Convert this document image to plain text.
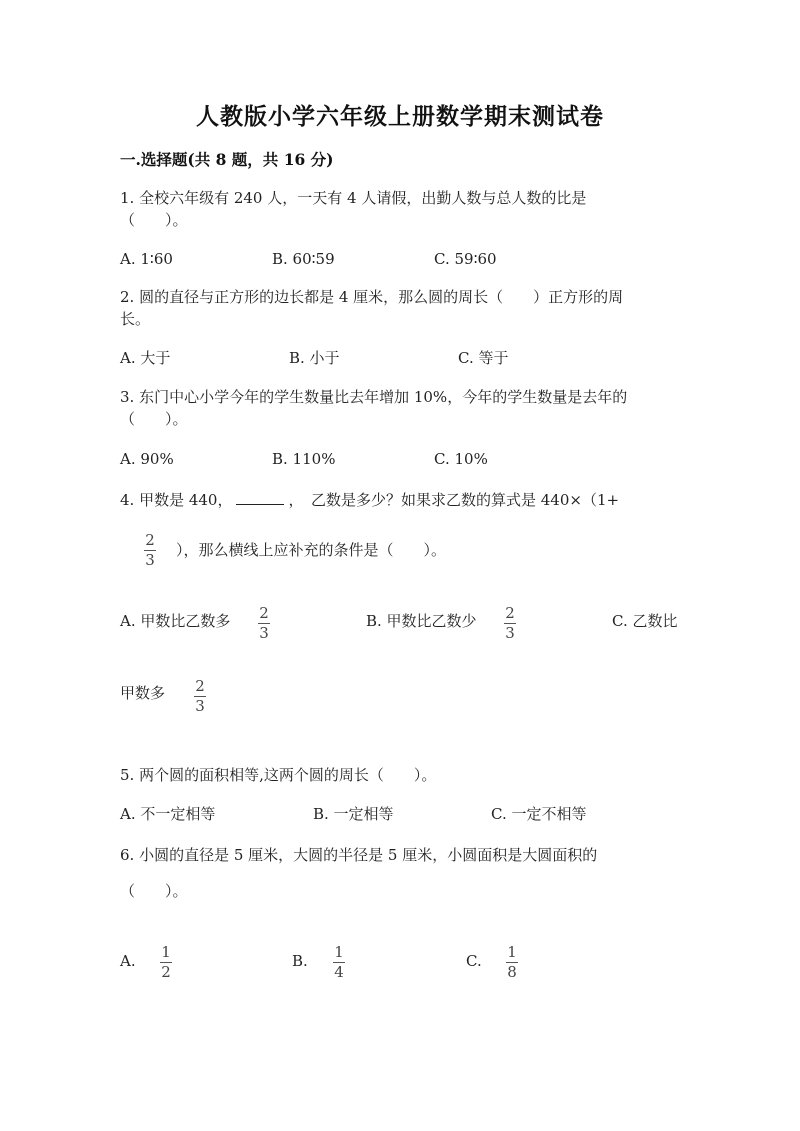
人教版小学六年级上册数学期末测试卷
一.选择题(共 8 题，共 16 分)
1. 全校六年级有 240 人，一天有 4 人请假，出勤人数与总人数的比是
（　　）。
A. 1∶60	B. 60∶59	C. 59∶60
2. 圆的直径与正方形的边长都是 4 厘米，那么圆的周长（　　）正方形的周
长。
A. 大于	B. 小于	C. 等于
3. 东门中心小学今年的学生数量比去年增加 10%，今年的学生数量是去年的
（　　）。
A. 90%	B. 110%	C. 10%
4. 甲数是 440，	，　乙数是多少？如果求乙数的算式是 440×（1+
2
3
），那么横线上应补充的条件是（　　）。
A. 甲数比乙数多 2
3
B. 甲数比乙数少 2
3
C. 乙数比
甲数多 2
3
5. 两个圆的面积相等,这两个圆的周长（　　）。
A. 不一定相等	B. 一定相等	C. 一定不相等
6. 小圆的直径是 5 厘米，大圆的半径是 5 厘米，小圆面积是大圆面积的
（　　）。
A. 1
2
B. 1
4
C. 1
8
